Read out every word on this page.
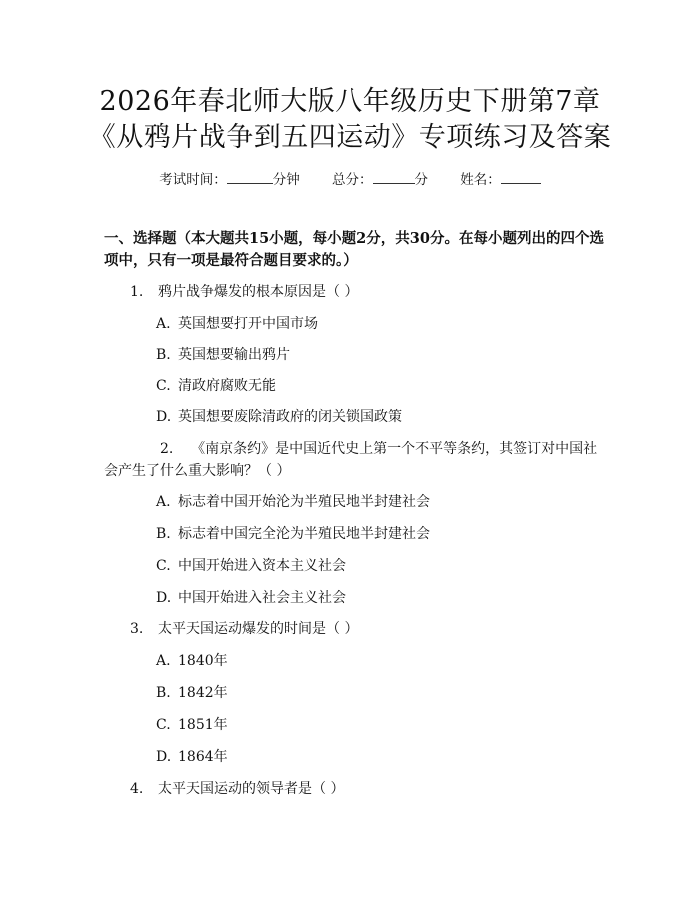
2026年春北师大版八年级历史下册第7章
《从鸦片战争到五四运动》专项练习及答案
考试时间：	分钟 总分：	分 姓名：
一、选择题（本大题共15小题，每小题2分，共30分。在每小题列出的四个选项中，只有一项是最符合题目要求的。）
1. 鸦片战争爆发的根本原因是（ ）
A. 英国想要打开中国市场
B. 英国想要输出鸦片
C. 清政府腐败无能
D. 英国想要废除清政府的闭关锁国政策
2. 《南京条约》是中国近代史上第一个不平等条约，其签订对中国社会产生了什么重大影响？（ ）
A. 标志着中国开始沦为半殖民地半封建社会
B. 标志着中国完全沦为半殖民地半封建社会
C. 中国开始进入资本主义社会
D. 中国开始进入社会主义社会
3. 太平天国运动爆发的时间是（ ）
A. 1840年
B. 1842年
C. 1851年
D. 1864年
4. 太平天国运动的领导者是（ ）
